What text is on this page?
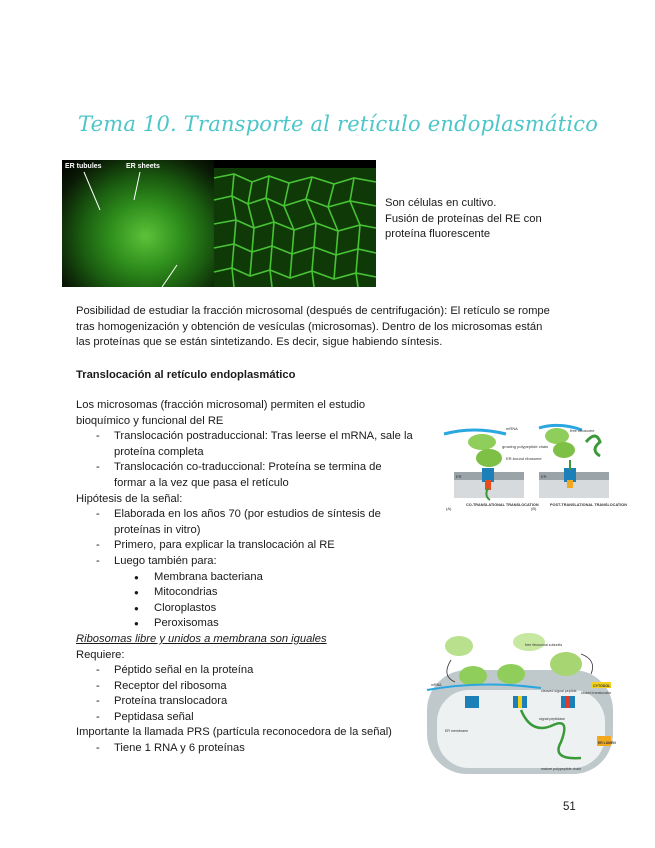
Tema 10. Transporte al retículo endoplasmático
ER tubules	ER sheets
Son células en cultivo.
Fusión de proteínas del RE con
proteína fluorescente
Posibilidad de estudiar la fracción microsomal (después de centrifugación): El retículo se rompe
tras homogenización y obtención de vesículas (microsomas). Dentro de los microsomas están
las proteínas que se están sintetizando. Es decir, sigue habiendo síntesis.
Translocación al retículo endoplasmático
Los microsomas (fracción microsomal) permiten el estudio
bioquímico y funcional del RE
- Translocación postraduccional: Tras leerse el mRNA, sale la
proteína completa
- Translocación co-traduccional: Proteína se termina de
formar a la vez que pasa el retículo
Hipótesis de la señal:
- Elaborada en los años 70 (por estudios de síntesis de
proteínas in vitro)
- Primero, para explicar la translocación al RE
- Luego también para:
● Membrana bacteriana
● Mitocondrias
● Cloroplastos
● Peroxisomas
Ribosomas libre y unidos a membrana son iguales
Requiere:
- Péptido señal en la proteína
- Receptor del ribosoma
- Proteína translocadora
- Peptidasa señal
Importante la llamada PRS (partícula reconocedora de la señal)
- Tiene 1 RNA y 6 proteínas
mRNA
growing polypeptide chain
ER-bound ribosome
free ribosome
ER	ER
CO-TRANSLATIONAL TRANSLOCATION	POST-TRANSLATIONAL TRANSLOCATION
(A)	(B)
free ribosomal subunits
CYTOSOL
mRNA
cleaved signal peptide closed translocator
signal peptidase
ER LUMEN
mature polypeptide chain
ER membrane
51
